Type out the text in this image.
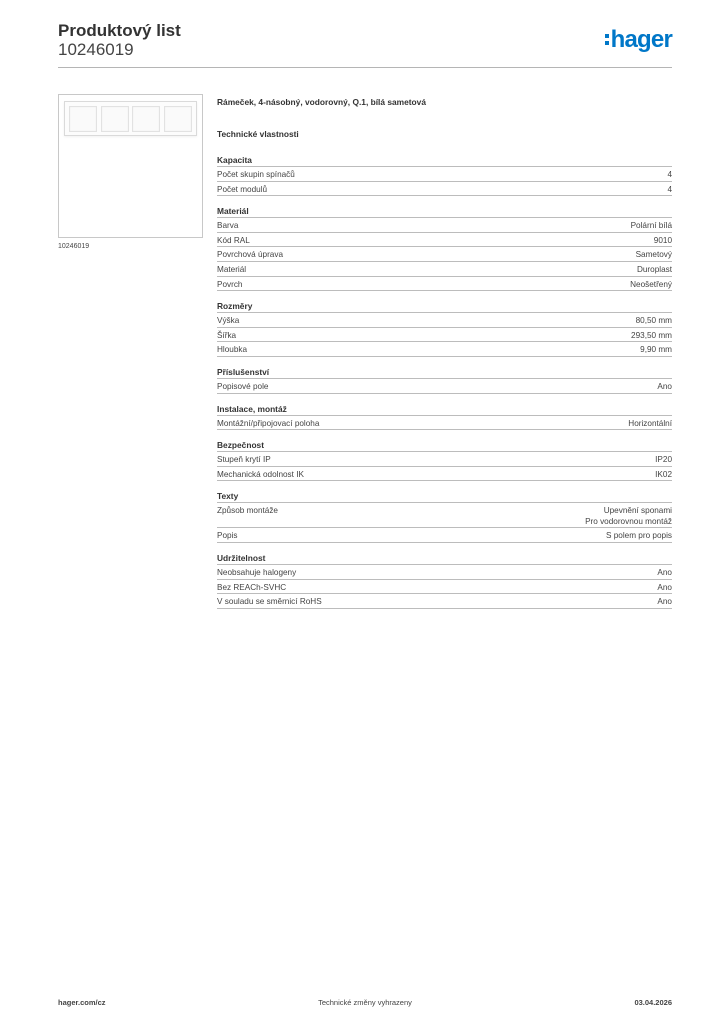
Produktový list
10246019	hager
10246019
Rámeček, 4-násobný, vodorovný, Q.1, bílá sametová
Technické vlastnosti
Kapacita
Počet skupin spínačů	4
Počet modulů	4
Materiál
Barva	Polární bílá
Kód RAL	9010
Povrchová úprava	Sametový
Materiál	Duroplast
Povrch	Neošetřený
Rozměry
Výška	80,50 mm
Šířka	293,50 mm
Hloubka	9,90 mm
Příslušenství
Popisové pole	Ano
Instalace, montáž
Montážní/připojovací poloha	Horizontální
Bezpečnost
Stupeň krytí IP	IP20
Mechanická odolnost IK	IK02
Texty
Způsob montáže	Upevnění sponami
Pro vodorovnou montáž
Popis	S polem pro popis
Udržitelnost
Neobsahuje halogeny	Ano
Bez REACh-SVHC	Ano
V souladu se směrnicí RoHS	Ano
hager.com/cz	Technické změny vyhrazeny	03.04.2026
